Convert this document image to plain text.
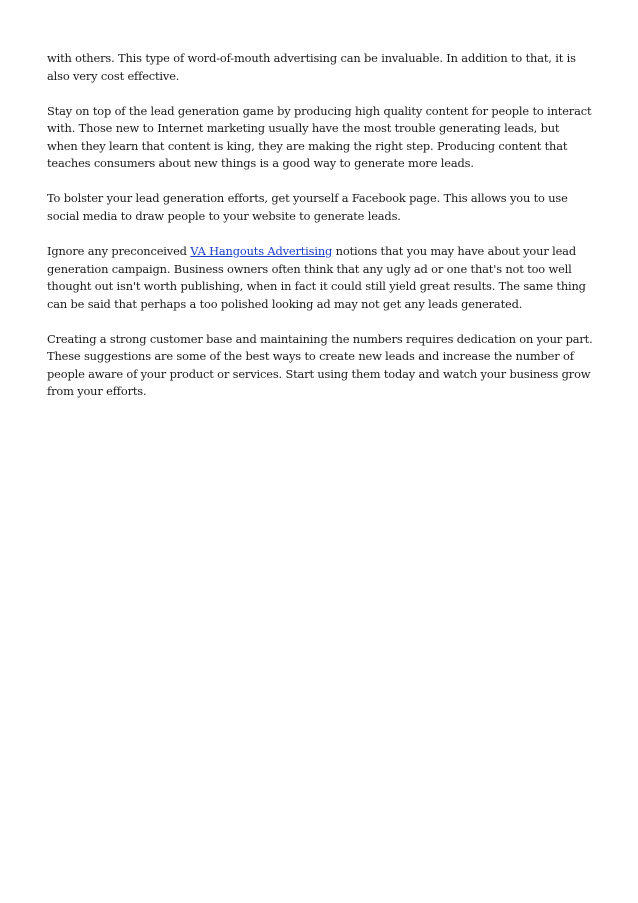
with others. This type of word-of-mouth advertising can be invaluable. In addition to that, it is also very cost effective.

Stay on top of the lead generation game by producing high quality content for people to interact with. Those new to Internet marketing usually have the most trouble generating leads, but when they learn that content is king, they are making the right step. Producing content that teaches consumers about new things is a good way to generate more leads.

To bolster your lead generation efforts, get yourself a Facebook page. This allows you to use social media to draw people to your website to generate leads.

Ignore any preconceived VA Hangouts Advertising notions that you may have about your lead generation campaign. Business owners often think that any ugly ad or one that's not too well thought out isn't worth publishing, when in fact it could still yield great results. The same thing can be said that perhaps a too polished looking ad may not get any leads generated.

Creating a strong customer base and maintaining the numbers requires dedication on your part. These suggestions are some of the best ways to create new leads and increase the number of people aware of your product or services. Start using them today and watch your business grow from your efforts.
